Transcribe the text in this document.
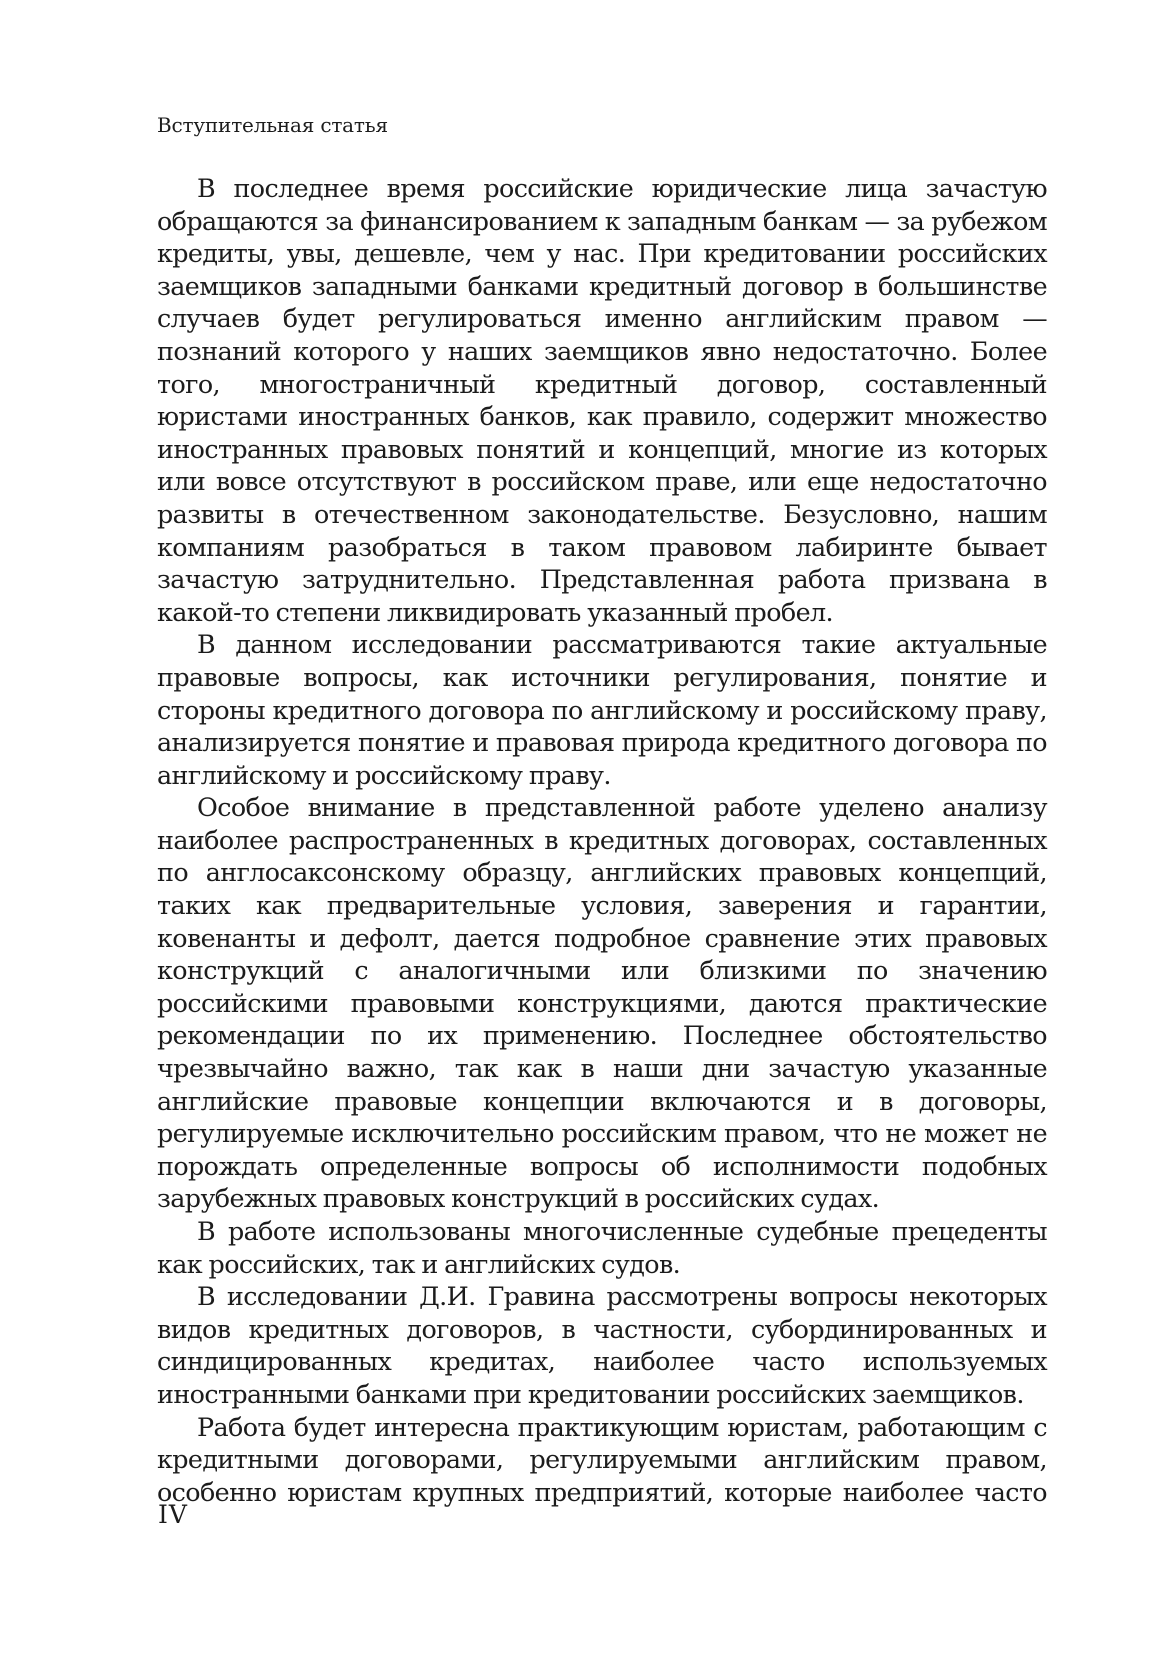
Вступительная статья

В последнее время российские юридические лица зачастую обращаются за финансированием к западным банкам — за рубежом кредиты, увы, дешевле, чем у нас. При кредитовании российских заемщиков западными банками кредитный договор в большинстве случаев будет регулироваться именно английским правом — познаний которого у наших заемщиков явно недостаточно. Более того, многостраничный кредитный договор, составленный юристами иностранных банков, как правило, содержит множество иностранных правовых понятий и концепций, многие из которых или вовсе отсутствуют в российском праве, или еще недостаточно развиты в отечественном законодательстве. Безусловно, нашим компаниям разобраться в таком правовом лабиринте бывает зачастую затруднительно. Представленная работа призвана в какой-то степени ликвидировать указанный пробел.

В данном исследовании рассматриваются такие актуальные правовые вопросы, как источники регулирования, понятие и стороны кредитного договора по английскому и российскому праву, анализируется понятие и правовая природа кредитного договора по английскому и российскому праву.

Особое внимание в представленной работе уделено анализу наиболее распространенных в кредитных договорах, составленных по англосаксонскому образцу, английских правовых концепций, таких как предварительные условия, заверения и гарантии, ковенанты и дефолт, дается подробное сравнение этих правовых конструкций с аналогичными или близкими по значению российскими правовыми конструкциями, даются практические рекомендации по их применению. Последнее обстоятельство чрезвычайно важно, так как в наши дни зачастую указанные английские правовые концепции включаются и в договоры, регулируемые исключительно российским правом, что не может не порождать определенные вопросы об исполнимости подобных зарубежных правовых конструкций в российских судах.

В работе использованы многочисленные судебные прецеденты как российских, так и английских судов.

В исследовании Д.И. Гравина рассмотрены вопросы некоторых видов кредитных договоров, в частности, субординированных и синдицированных кредитах, наиболее часто используемых иностранными банками при кредитовании российских заемщиков.

Работа будет интересна практикующим юристам, работающим с кредитными договорами, регулируемыми английским правом, особенно юристам крупных предприятий, которые наиболее часто

IV
